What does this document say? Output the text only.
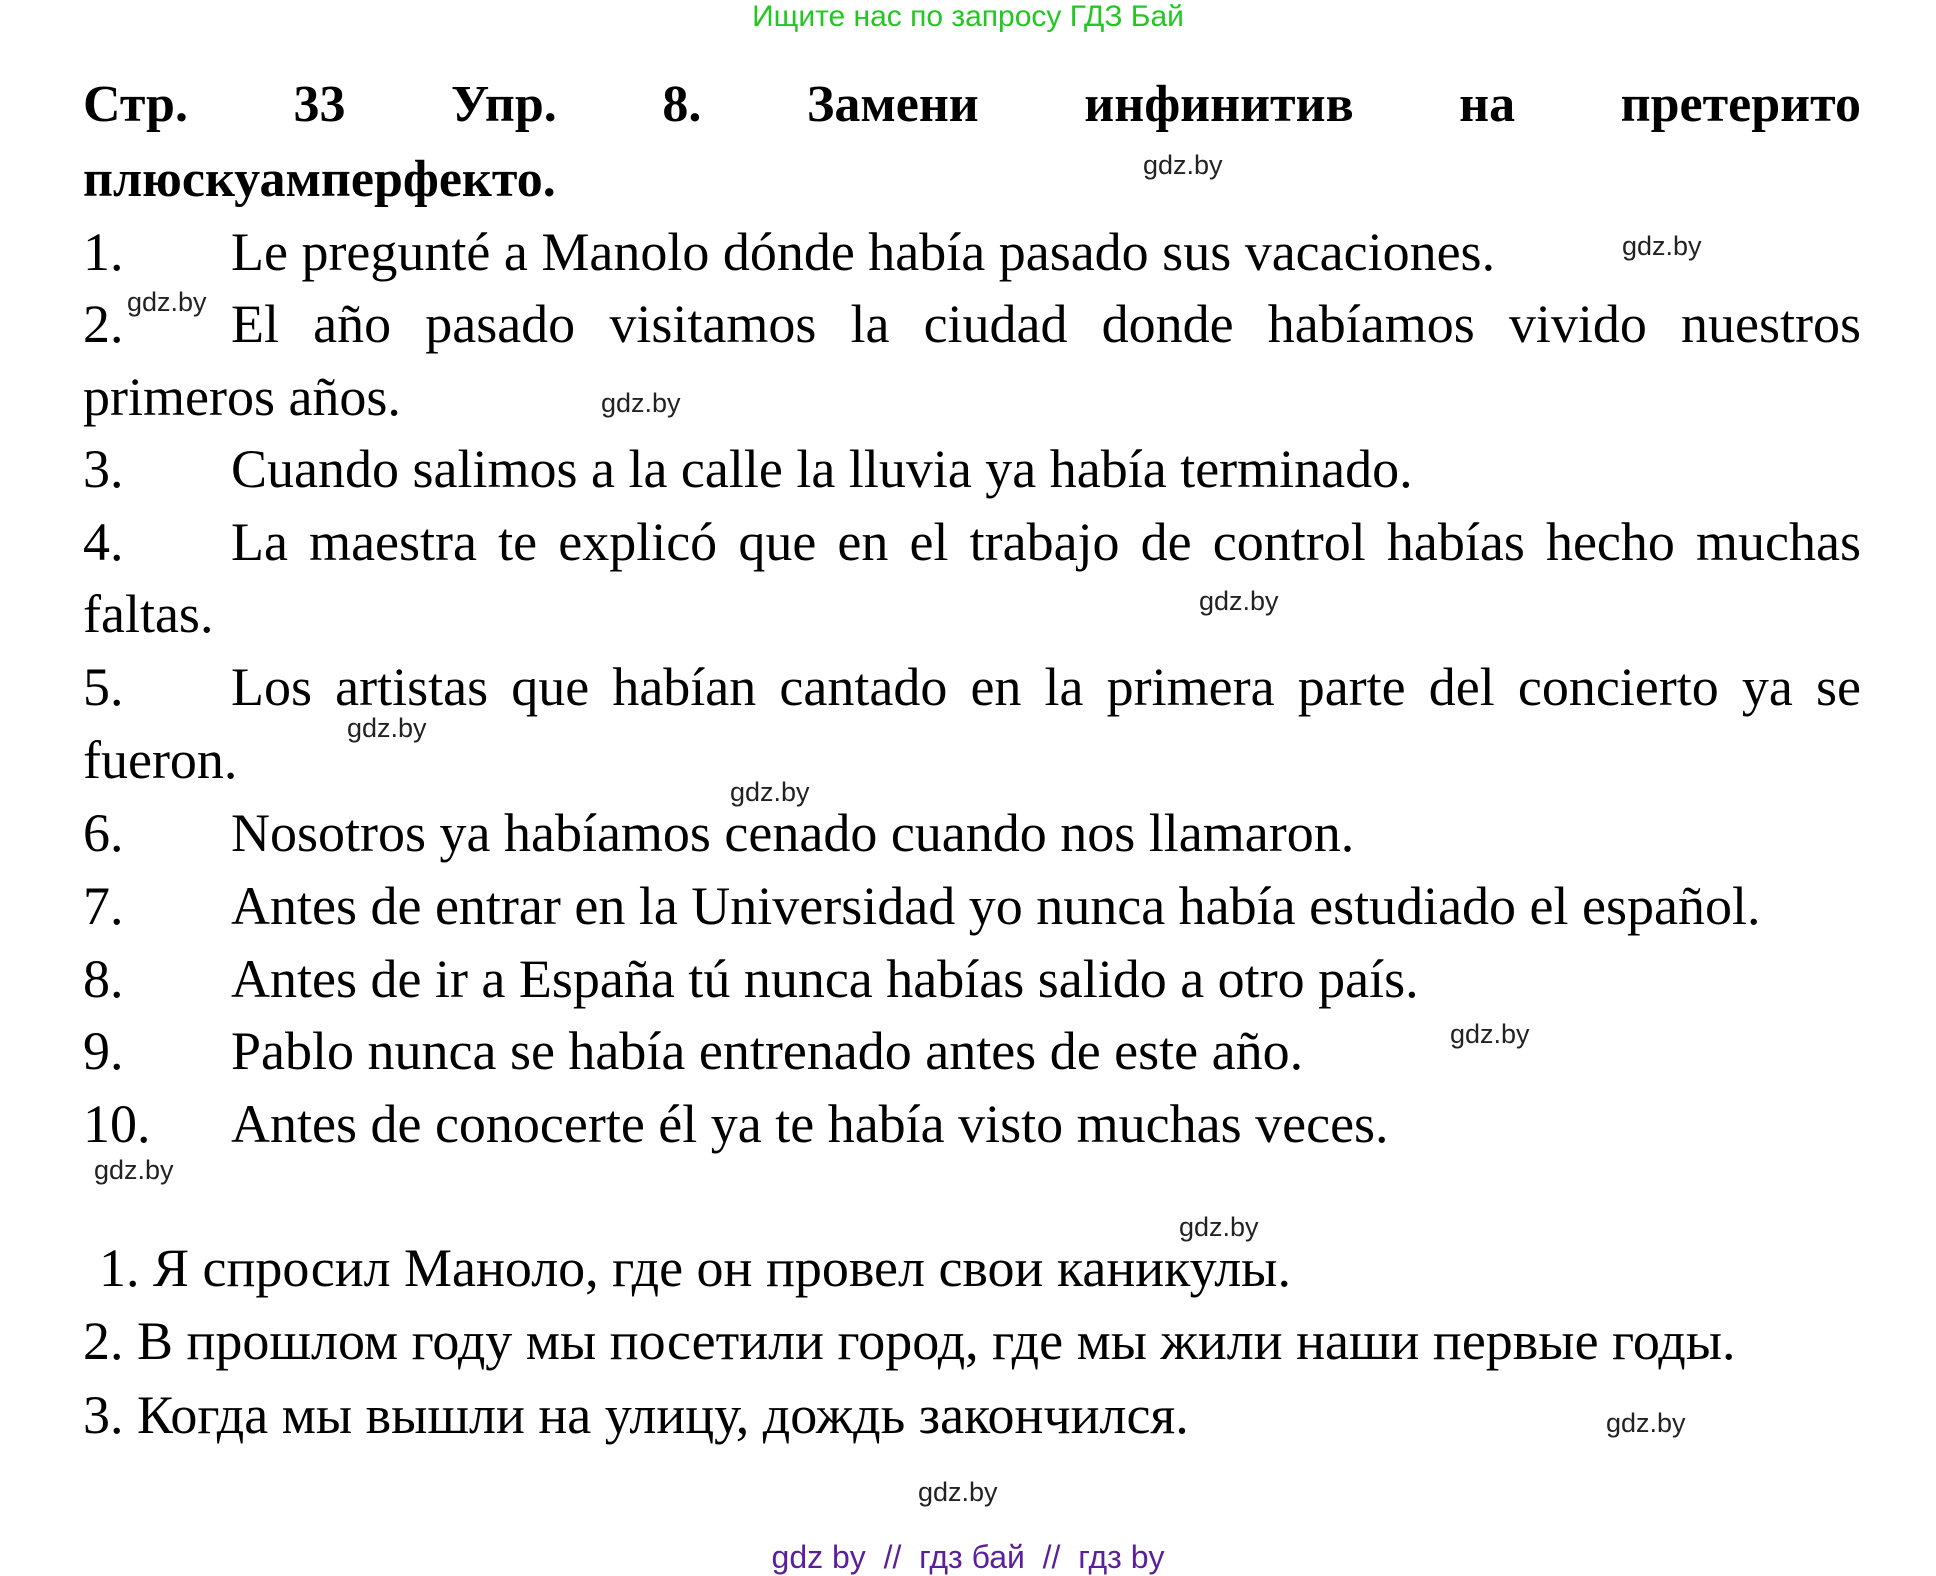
Ищите нас по запросу ГДЗ Бай
Стр. 33 Упр. 8. Замени инфинитив на претерито
плюскуамперфекто.
1. Le pregunté a Manolo dónde había pasado sus vacaciones.
2. El año pasado visitamos la ciudad donde habíamos vivido nuestros
primeros años.
3. Cuando salimos a la calle la lluvia ya había terminado.
4. La maestra te explicó que en el trabajo de control habías hecho muchas
faltas.
5. Los artistas que habían cantado en la primera parte del concierto ya se
fueron.
6. Nosotros ya habíamos cenado cuando nos llamaron.
7. Antes de entrar en la Universidad yo nunca había estudiado el español.
8. Antes de ir a España tú nunca habías salido a otro país.
9. Pablo nunca se había entrenado antes de este año.
10. Antes de conocerte él ya te había visto muchas veces.
1. Я спросил Маноло, где он провел свои каникулы.
2. В прошлом году мы посетили город, где мы жили наши первые годы.
3. Когда мы вышли на улицу, дождь закончился.
gdz.by
gdz.by
gdz.by
gdz.by
gdz.by
gdz.by
gdz.by
gdz.by
gdz.by
gdz.by
gdz.by
gdz.by
gdz by  //  гдз бай  //  гдз by
